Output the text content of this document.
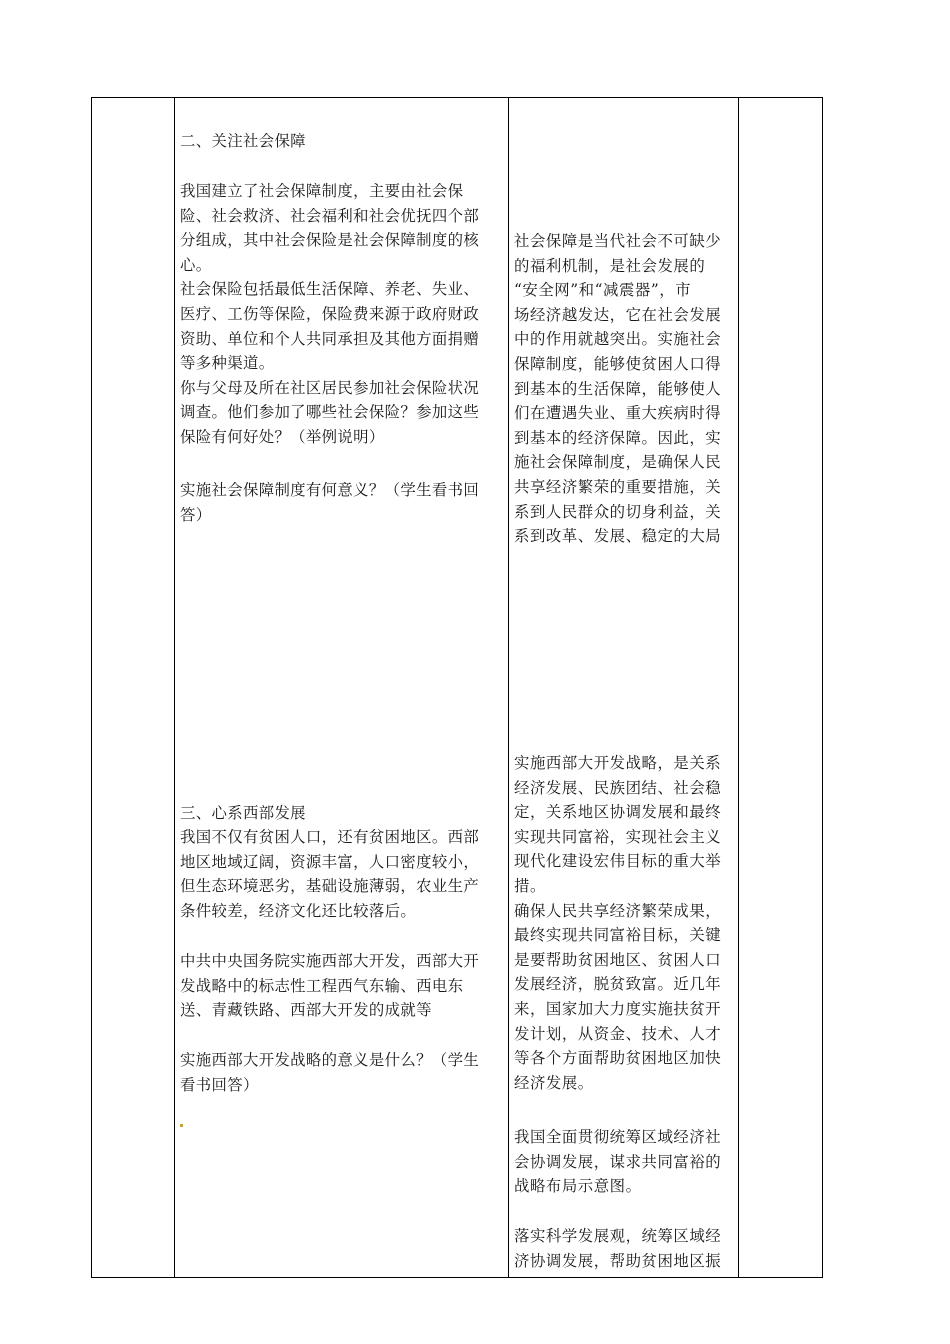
二、关注社会保障
我国建立了社会保障制度，主要由社会保
险、社会救济、社会福利和社会优抚四个部
分组成，其中社会保险是社会保障制度的核
心。
社会保险包括最低生活保障、养老、失业、
医疗、工伤等保险，保险费来源于政府财政
资助、单位和个人共同承担及其他方面捐赠
等多种渠道。
你与父母及所在社区居民参加社会保险状况
调查。他们参加了哪些社会保险？参加这些
保险有何好处？（举例说明）
实施社会保障制度有何意义？（学生看书回
答）
三、心系西部发展
我国不仅有贫困人口，还有贫困地区。西部
地区地域辽阔，资源丰富，人口密度较小，
但生态环境恶劣，基础设施薄弱，农业生产
条件较差，经济文化还比较落后。
中共中央国务院实施西部大开发，西部大开
发战略中的标志性工程西气东输、西电东
送、青藏铁路、西部大开发的成就等
实施西部大开发战略的意义是什么？（学生
看书回答）
社会保障是当代社会不可缺少
的福利机制，是社会发展的
“安全网”和“减震器”，市
场经济越发达，它在社会发展
中的作用就越突出。实施社会
保障制度，能够使贫困人口得
到基本的生活保障，能够使人
们在遭遇失业、重大疾病时得
到基本的经济保障。因此，实
施社会保障制度，是确保人民
共享经济繁荣的重要措施，关
系到人民群众的切身利益，关
系到改革、发展、稳定的大局
实施西部大开发战略，是关系
经济发展、民族团结、社会稳
定，关系地区协调发展和最终
实现共同富裕，实现社会主义
现代化建设宏伟目标的重大举
措。
确保人民共享经济繁荣成果，
最终实现共同富裕目标，关键
是要帮助贫困地区、贫困人口
发展经济，脱贫致富。近几年
来，国家加大力度实施扶贫开
发计划，从资金、技术、人才
等各个方面帮助贫困地区加快
经济发展。
我国全面贯彻统筹区域经济社
会协调发展，谋求共同富裕的
战略布局示意图。
落实科学发展观，统筹区域经
济协调发展，帮助贫困地区振
